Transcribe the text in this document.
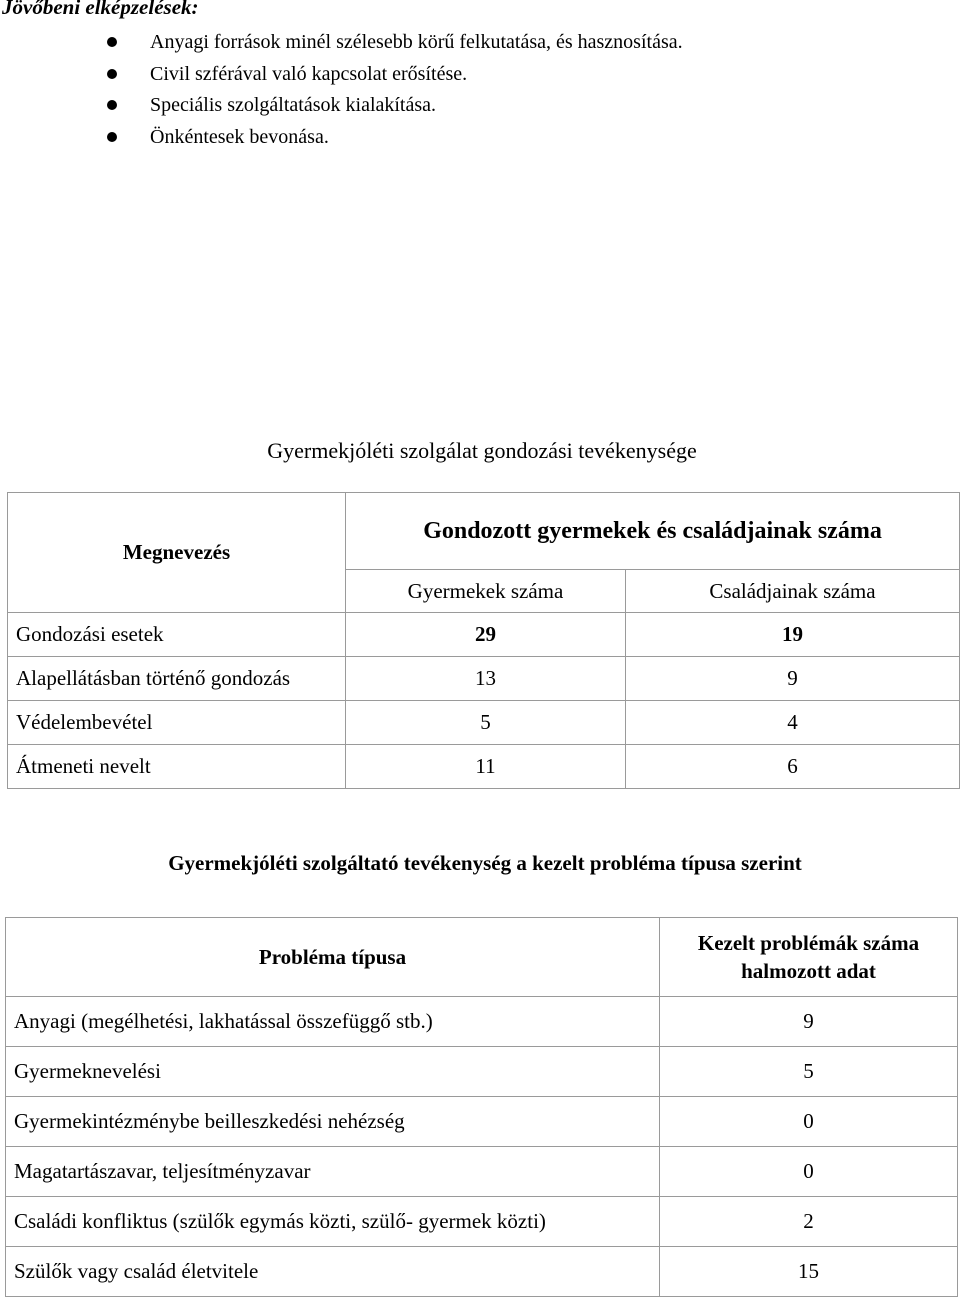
Jövőbeni elképzelések:
Anyagi források minél szélesebb körű felkutatása, és hasznosítása.
Civil szférával való kapcsolat erősítése.
Speciális szolgáltatások kialakítása.
Önkéntesek bevonása.
Gyermekjóléti szolgálat gondozási tevékenysége
Megnevezés	Gondozott gyermekek és családjainak száma	
	Gyermekek száma	Családjainak száma
Gondozási esetek	29	19
Alapellátásban történő gondozás	13	9
Védelembevétel	5	4
Átmeneti nevelt	11	6
Gyermekjóléti szolgáltató tevékenység a kezelt probléma típusa szerint
Probléma típusa	Kezelt problémák száma
halmozott adat
Anyagi (megélhetési, lakhatással összefüggő stb.)	9
Gyermeknevelési	5
Gyermekintézménybe beilleszkedési nehézség	0
Magatartászavar, teljesítményzavar	0
Családi konfliktus (szülők egymás közti, szülő- gyermek közti)	2
Szülők vagy család életvitele	15
